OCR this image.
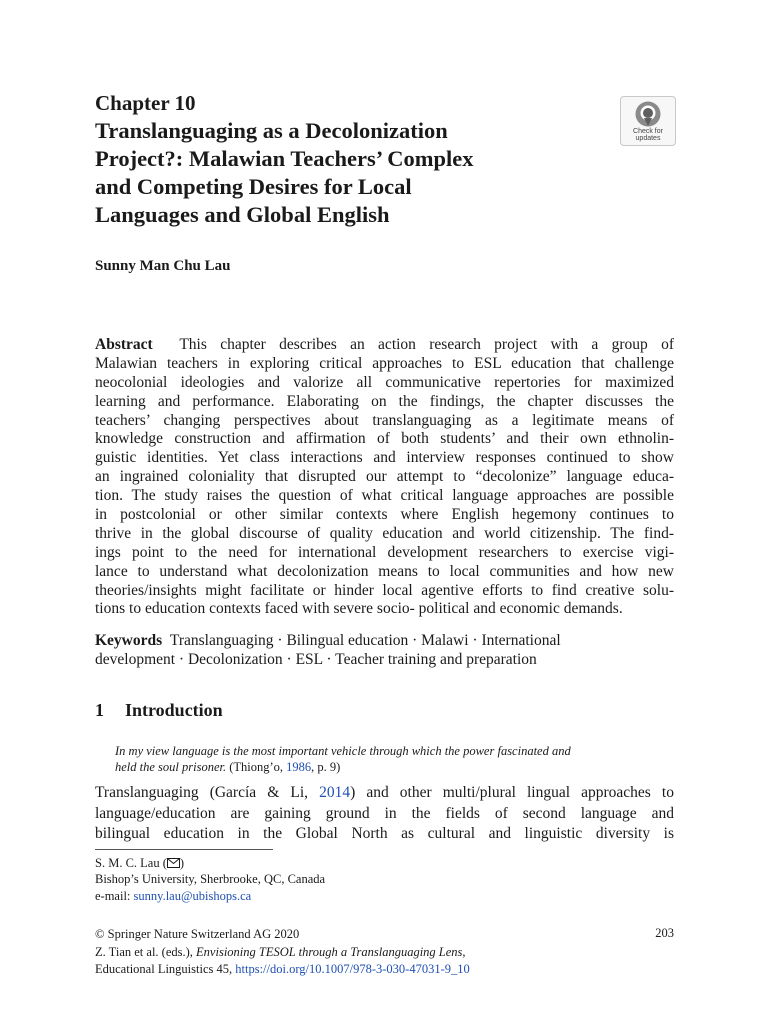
Chapter 10
Translanguaging as a Decolonization
Project?: Malawian Teachers’ Complex
and Competing Desires for Local
Languages and Global English
Check for
updates
Sunny Man Chu Lau
Abstract This chapter describes an action research project with a group of
Malawian teachers in exploring critical approaches to ESL education that challenge
neocolonial ideologies and valorize all communicative repertories for maximized
learning and performance. Elaborating on the findings, the chapter discusses the
teachers’ changing perspectives about translanguaging as a legitimate means of
knowledge construction and affirmation of both students’ and their own ethnolin-
guistic identities. Yet class interactions and interview responses continued to show
an ingrained coloniality that disrupted our attempt to “decolonize” language educa-
tion. The study raises the question of what critical language approaches are possible
in postcolonial or other similar contexts where English hegemony continues to
thrive in the global discourse of quality education and world citizenship. The find-
ings point to the need for international development researchers to exercise vigi-
lance to understand what decolonization means to local communities and how new
theories/insights might facilitate or hinder local agentive efforts to find creative solu-
tions to education contexts faced with severe socio- political and economic demands.
Keywords Translanguaging · Bilingual education · Malawi · International
development · Decolonization · ESL · Teacher training and preparation
1 Introduction
In my view language is the most important vehicle through which the power fascinated and
held the soul prisoner. (Thiong’o, 1986, p. 9)
Translanguaging (García & Li, 2014) and other multi/plural lingual approaches to
language/education are gaining ground in the fields of second language and
bilingual education in the Global North as cultural and linguistic diversity is
S. M. C. Lau ( )
Bishop’s University, Sherbrooke, QC, Canada
e-mail: sunny.lau@ubishops.ca
© Springer Nature Switzerland AG 2020
Z. Tian et al. (eds.), Envisioning TESOL through a Translanguaging Lens,
Educational Linguistics 45, https://doi.org/10.1007/978-3-030-47031-9_10
203
